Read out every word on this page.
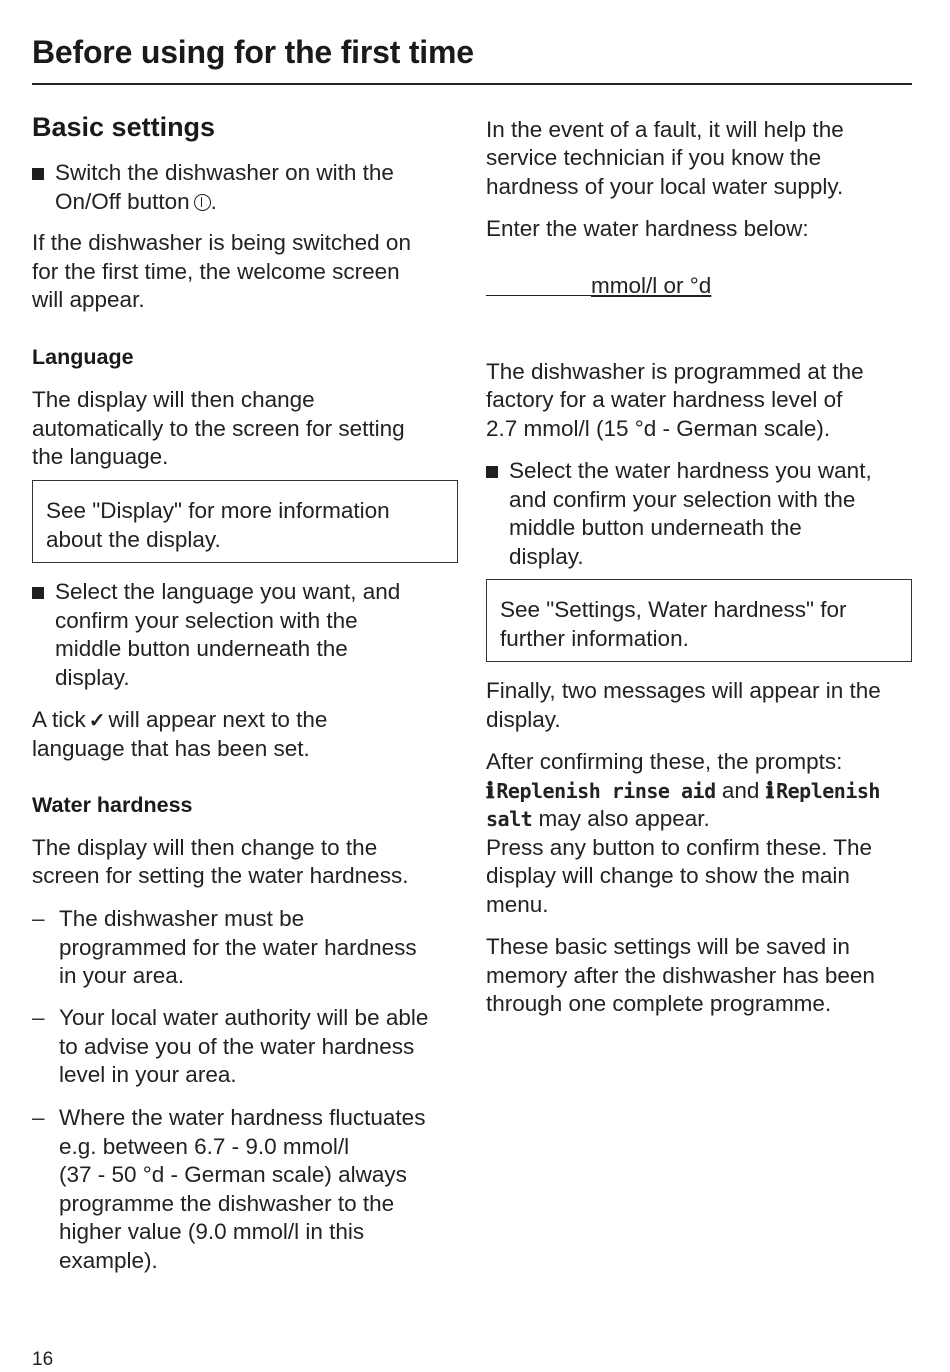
Before using for the first time
Basic settings

Switch the dishwasher on with the

On/Off button .

If the dishwasher is being switched on

for the first time, the welcome screen

will appear.

Language

The display will then change

automatically to the screen for setting

the language.

See "Display" for more information

about the display.

Select the language you want, and

confirm your selection with the

middle button underneath the

display.

A tick ✓ will appear next to the

language that has been set.

Water hardness

The display will then change to the

screen for setting the water hardness.

– The dishwasher must be

programmed for the water hardness

in your area.

– Your local water authority will be able

to advise you of the water hardness

level in your area.

– Where the water hardness fluctuates

e.g. between 6.7 - 9.0 mmol/l

(37 - 50 °d - German scale) always

programme the dishwasher to the

higher value (9.0 mmol/l in this

example).

In the event of a fault, it will help the

service technician if you know the

hardness of your local water supply.

Enter the water hardness below:

mmol/l or °d

The dishwasher is programmed at the

factory for a water hardness level of

2.7 mmol/l (15 °d - German scale).

Select the water hardness you want,

and confirm your selection with the

middle button underneath the

display.

See "Settings, Water hardness" for

further information.

Finally, two messages will appear in the

display.

After confirming these, the prompts:

ℹ Replenish rinse aid and ℹ Replenish

salt may also appear.

Press any button to confirm these. The

display will change to show the main

menu.

These basic settings will be saved in

memory after the dishwasher has been

through one complete programme.

16
